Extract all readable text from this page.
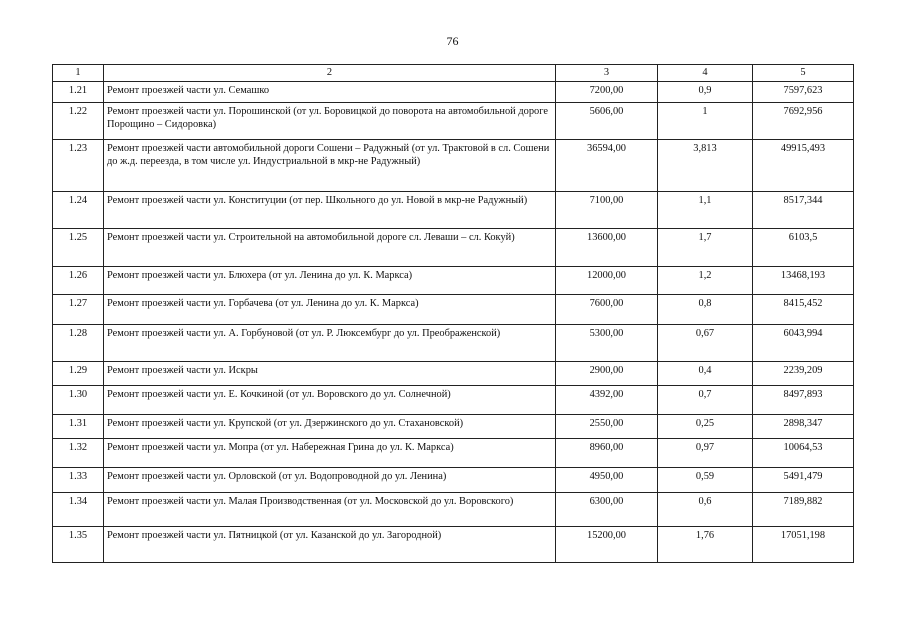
76
1	2	3	4	5
1.21	Ремонт проезжей части ул. Семашко	7200,00	0,9	7597,623
1.22	Ремонт проезжей части ул. Порошинской (от ул. Боровицкой до поворота на автомобильной дороге Порощино – Сидоровка)	5606,00	1	7692,956
1.23	Ремонт проезжей части автомобильной дороги Сошени – Радужный (от ул. Трактовой в сл. Сошени до ж.д. переезда, в том числе ул. Индустриальной в мкр-не Радужный)	36594,00	3,813	49915,493
1.24	Ремонт проезжей части ул. Конституции (от пер. Школьного до ул. Новой в мкр-не Радужный)	7100,00	1,1	8517,344
1.25	Ремонт проезжей части ул. Строительной на автомобильной дороге сл. Леваши – сл. Кокуй)	13600,00	1,7	6103,5
1.26	Ремонт проезжей части ул. Блюхера (от ул. Ленина до ул. К. Маркса)	12000,00	1,2	13468,193
1.27	Ремонт проезжей части ул. Горбачева (от ул. Ленина до ул. К. Маркса)	7600,00	0,8	8415,452
1.28	Ремонт проезжей части ул. А. Горбуновой (от ул. Р. Люксембург до ул. Преображенской)	5300,00	0,67	6043,994
1.29	Ремонт проезжей части ул. Искры	2900,00	0,4	2239,209
1.30	Ремонт проезжей части ул. Е. Кочкиной (от ул. Воровского до ул. Солнечной)	4392,00	0,7	8497,893
1.31	Ремонт проезжей части ул. Крупской (от ул. Дзержинского до ул. Стахановской)	2550,00	0,25	2898,347
1.32	Ремонт проезжей части ул. Мопра (от ул. Набережная Грина до ул. К. Маркса)	8960,00	0,97	10064,53
1.33	Ремонт проезжей части ул. Орловской (от ул. Водопроводной до ул. Ленина)	4950,00	0,59	5491,479
1.34	Ремонт проезжей части ул. Малая Производственная (от ул. Московской до ул. Воровского)	6300,00	0,6	7189,882
1.35	Ремонт проезжей части ул. Пятницкой (от ул. Казанской до ул. Загородной)	15200,00	1,76	17051,198
